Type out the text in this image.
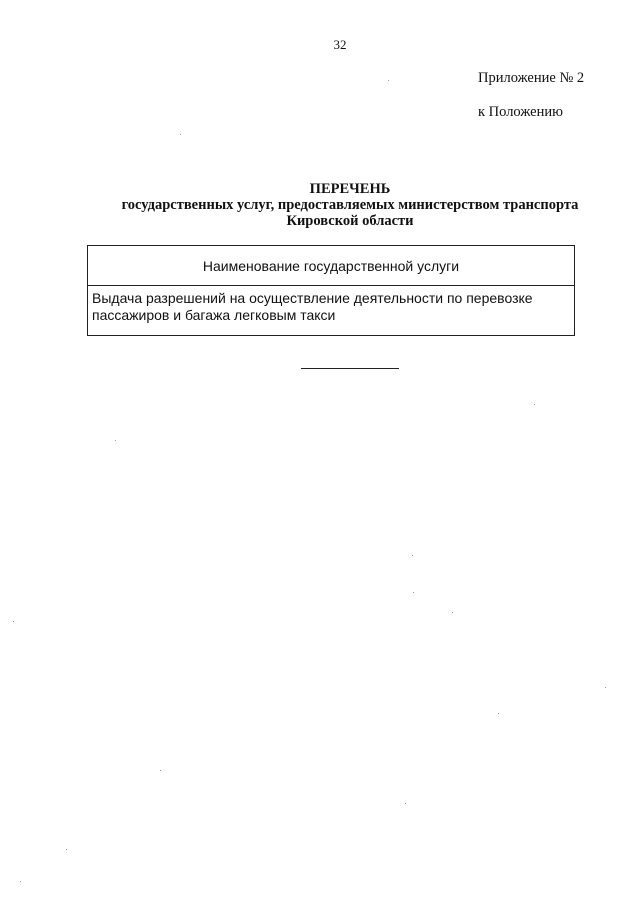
32
Приложение № 2
к Положению
ПЕРЕЧЕНЬ
государственных услуг, предоставляемых министерством транспорта
Кировской области
Наименование государственной услуги

Выдача разрешений на осуществление деятельности по перевозке
пассажиров и багажа легковым такси
